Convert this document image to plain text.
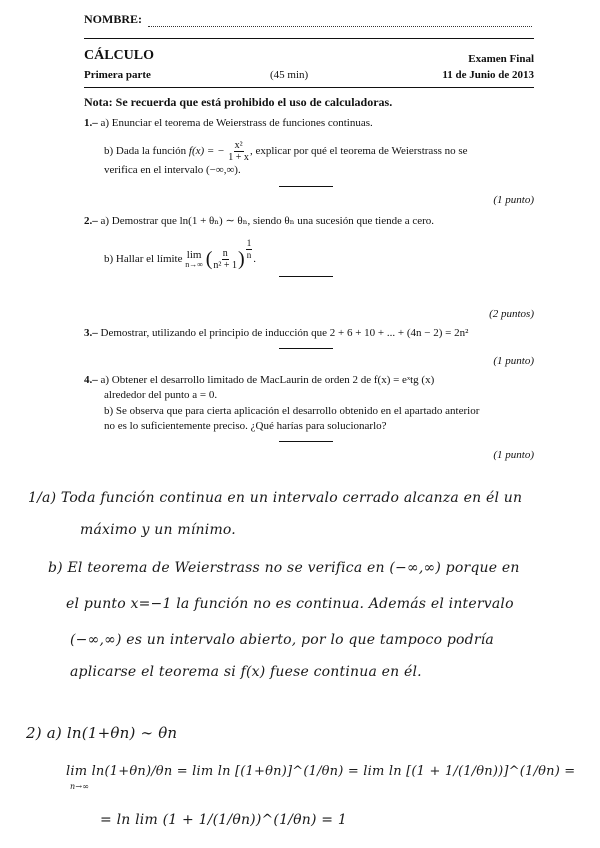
NOMBRE:
CÁLCULO	Examen Final
Primera parte	(45 min)	11 de Junio de 2013
Nota: Se recuerda que está prohibido el uso de calculadoras.
1.– a) Enunciar el teorema de Weierstrass de funciones continuas.
b) Dada la función f(x) = − $\frac{\text{x²}}{1 + x}$ , explicar por qué el teorema de Weierstrass no se
verifica en el intervalo (−∞,∞).
(1 punto)
2.– a) Demostrar que ln(1 + θₙ) ∼ θₙ, siendo θₙ una sucesión que tiende a cero.
b) Hallar el límite lim
n→∞ ( $\frac{n}{\text{n² + 1}}$ ) $\frac{1}{n}$ .
(2 puntos)
3.– Demostrar, utilizando el principio de inducción que 2 + 6 + 10 + ... + (4n − 2) = 2n²
(1 punto)
4.– a) Obtener el desarrollo limitado de MacLaurin de orden 2 de f(x) = eˣtg (x)
alrededor del punto a = 0.
b) Se observa que para cierta aplicación el desarrollo obtenido en el apartado anterior
no es lo suficientemente preciso. ¿Qué harías para solucionarlo?
(1 punto)
1/a) Toda función continua en un intervalo cerrado alcanza en él un
máximo y un mínimo.
b) El teorema de Weierstrass no se verifica en (−∞,∞) porque en
el punto x=−1 la función no es continua. Además el intervalo
(−∞,∞) es un intervalo abierto, por lo que tampoco podría
aplicarse el teorema si f(x) fuese continua en él.
2) a) ln(1+θn) ∼ θn
lim ln(1+θn)/θn = lim ln [(1+θn)]^(1/θn) = lim ln [(1 + 1/(1/θn))]^(1/θn) =
n→∞
= ln lim (1 + 1/(1/θn))^(1/θn) = 1
